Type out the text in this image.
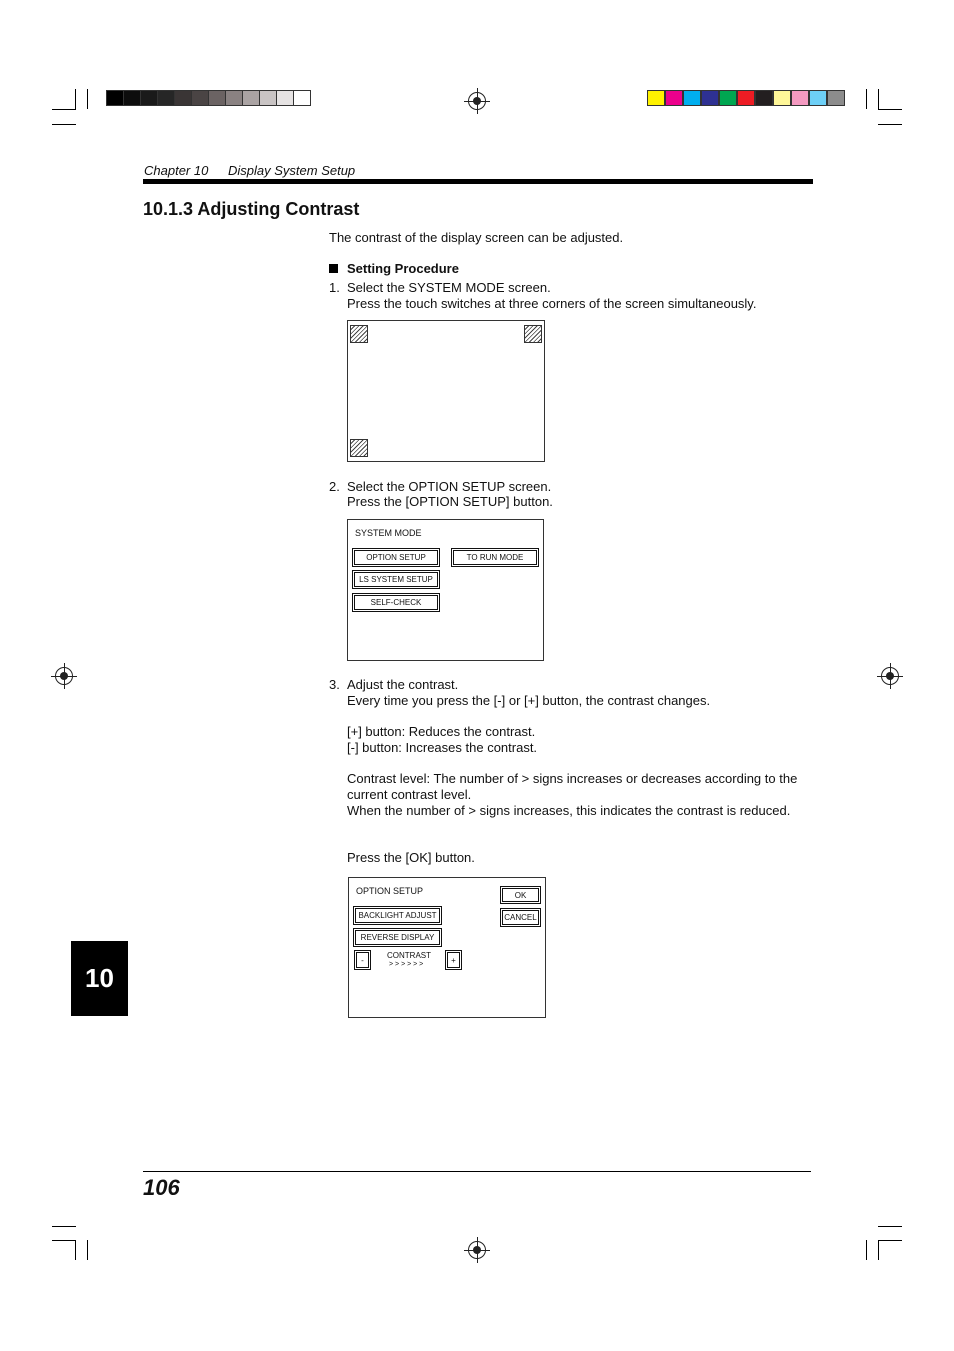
Chapter 10 Display System Setup
10.1.3 Adjusting Contrast
The contrast of the display screen can be adjusted.
Setting Procedure
1. Select the SYSTEM MODE screen.
Press the touch switches at three corners of the screen simultaneously.
2. Select the OPTION SETUP screen.
Press the [OPTION SETUP] button.
SYSTEM MODE
OPTION SETUP	TO RUN MODE
LS SYSTEM SETUP
SELF-CHECK
3. Adjust the contrast.
Every time you press the [-] or [+] button, the contrast changes.
[+] button: Reduces the contrast.
[-] button: Increases the contrast.
Contrast level: The number of > signs increases or decreases according to the
current contrast level.
When the number of > signs increases, this indicates the contrast is reduced.
Press the [OK] button.
OPTION SETUP	OK
CANCEL
BACKLIGHT ADJUST
REVERSE DISPLAY
-	CONTRAST
> > > > > >	+
10
106
